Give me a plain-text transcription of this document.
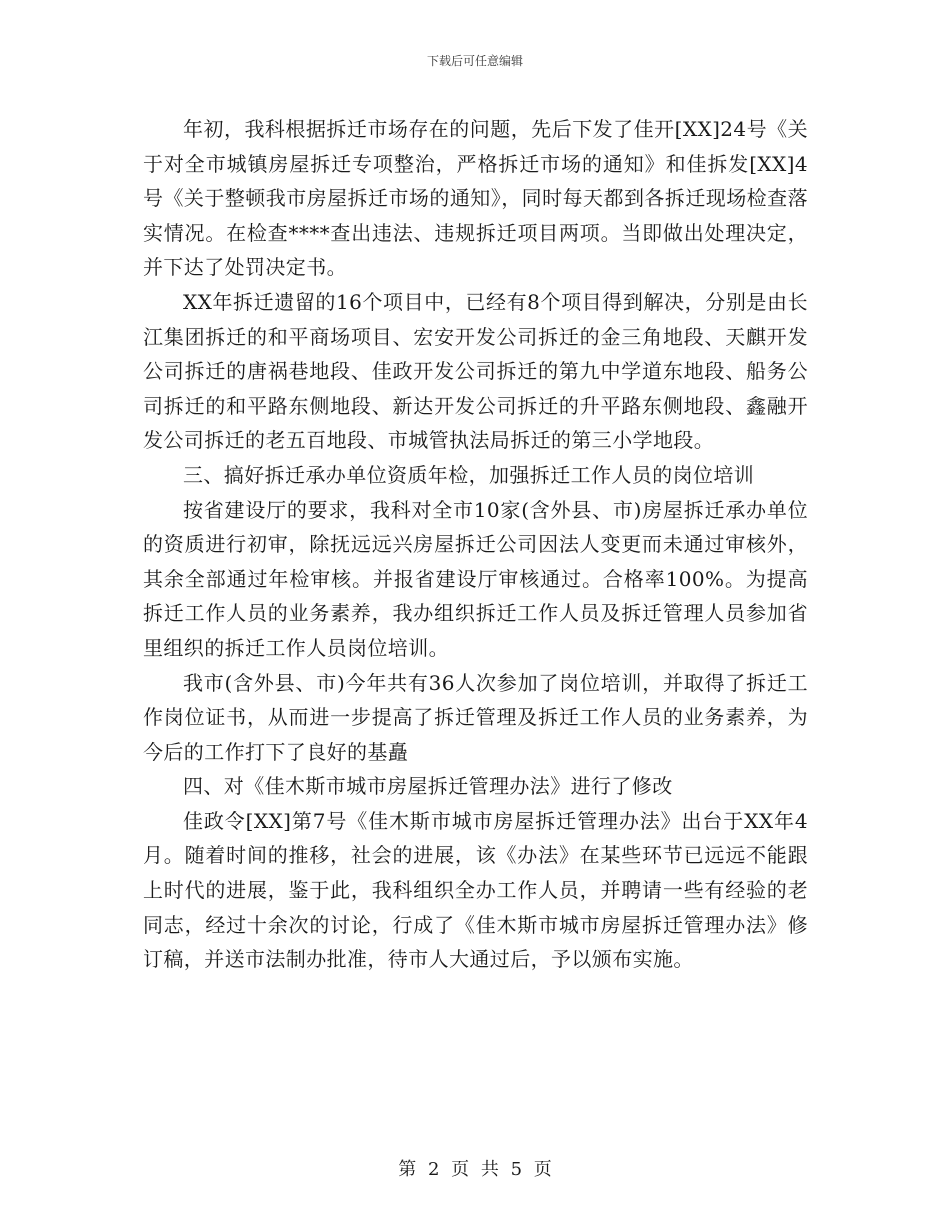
下载后可任意编辑

年初，我科根据拆迁市场存在的问题，先后下发了佳开[XX]24号《关于对全市城镇房屋拆迁专项整治，严格拆迁市场的通知》和佳拆发[XX]4号《关于整顿我市房屋拆迁市场的通知》，同时每天都到各拆迁现场检查落实情况。在检查****查出违法、违规拆迁项目两项。当即做出处理决定，并下达了处罚决定书。

XX年拆迁遗留的16个项目中，已经有8个项目得到解决，分别是由长江集团拆迁的和平商场项目、宏安开发公司拆迁的金三角地段、天麒开发公司拆迁的唐祸巷地段、佳政开发公司拆迁的第九中学道东地段、船务公司拆迁的和平路东侧地段、新达开发公司拆迁的升平路东侧地段、鑫融开发公司拆迁的老五百地段、市城管执法局拆迁的第三小学地段。

三、搞好拆迁承办单位资质年检，加强拆迁工作人员的岗位培训

按省建设厅的要求，我科对全市10家(含外县、市)房屋拆迁承办单位的资质进行初审，除抚远远兴房屋拆迁公司因法人变更而未通过审核外，其余全部通过年检审核。并报省建设厅审核通过。合格率100%。为提高拆迁工作人员的业务素养，我办组织拆迁工作人员及拆迁管理人员参加省里组织的拆迁工作人员岗位培训。

我市(含外县、市)今年共有36人次参加了岗位培训，并取得了拆迁工作岗位证书，从而进一步提高了拆迁管理及拆迁工作人员的业务素养，为今后的工作打下了良好的基矗

四、对《佳木斯市城市房屋拆迁管理办法》进行了修改

佳政令[XX]第7号《佳木斯市城市房屋拆迁管理办法》出台于XX年4月。随着时间的推移，社会的进展，该《办法》在某些环节已远远不能跟上时代的进展，鉴于此，我科组织全办工作人员，并聘请一些有经验的老同志，经过十余次的讨论，行成了《佳木斯市城市房屋拆迁管理办法》修订稿，并送市法制办批准，待市人大通过后，予以颁布实施。

第 2 页 共 5 页
